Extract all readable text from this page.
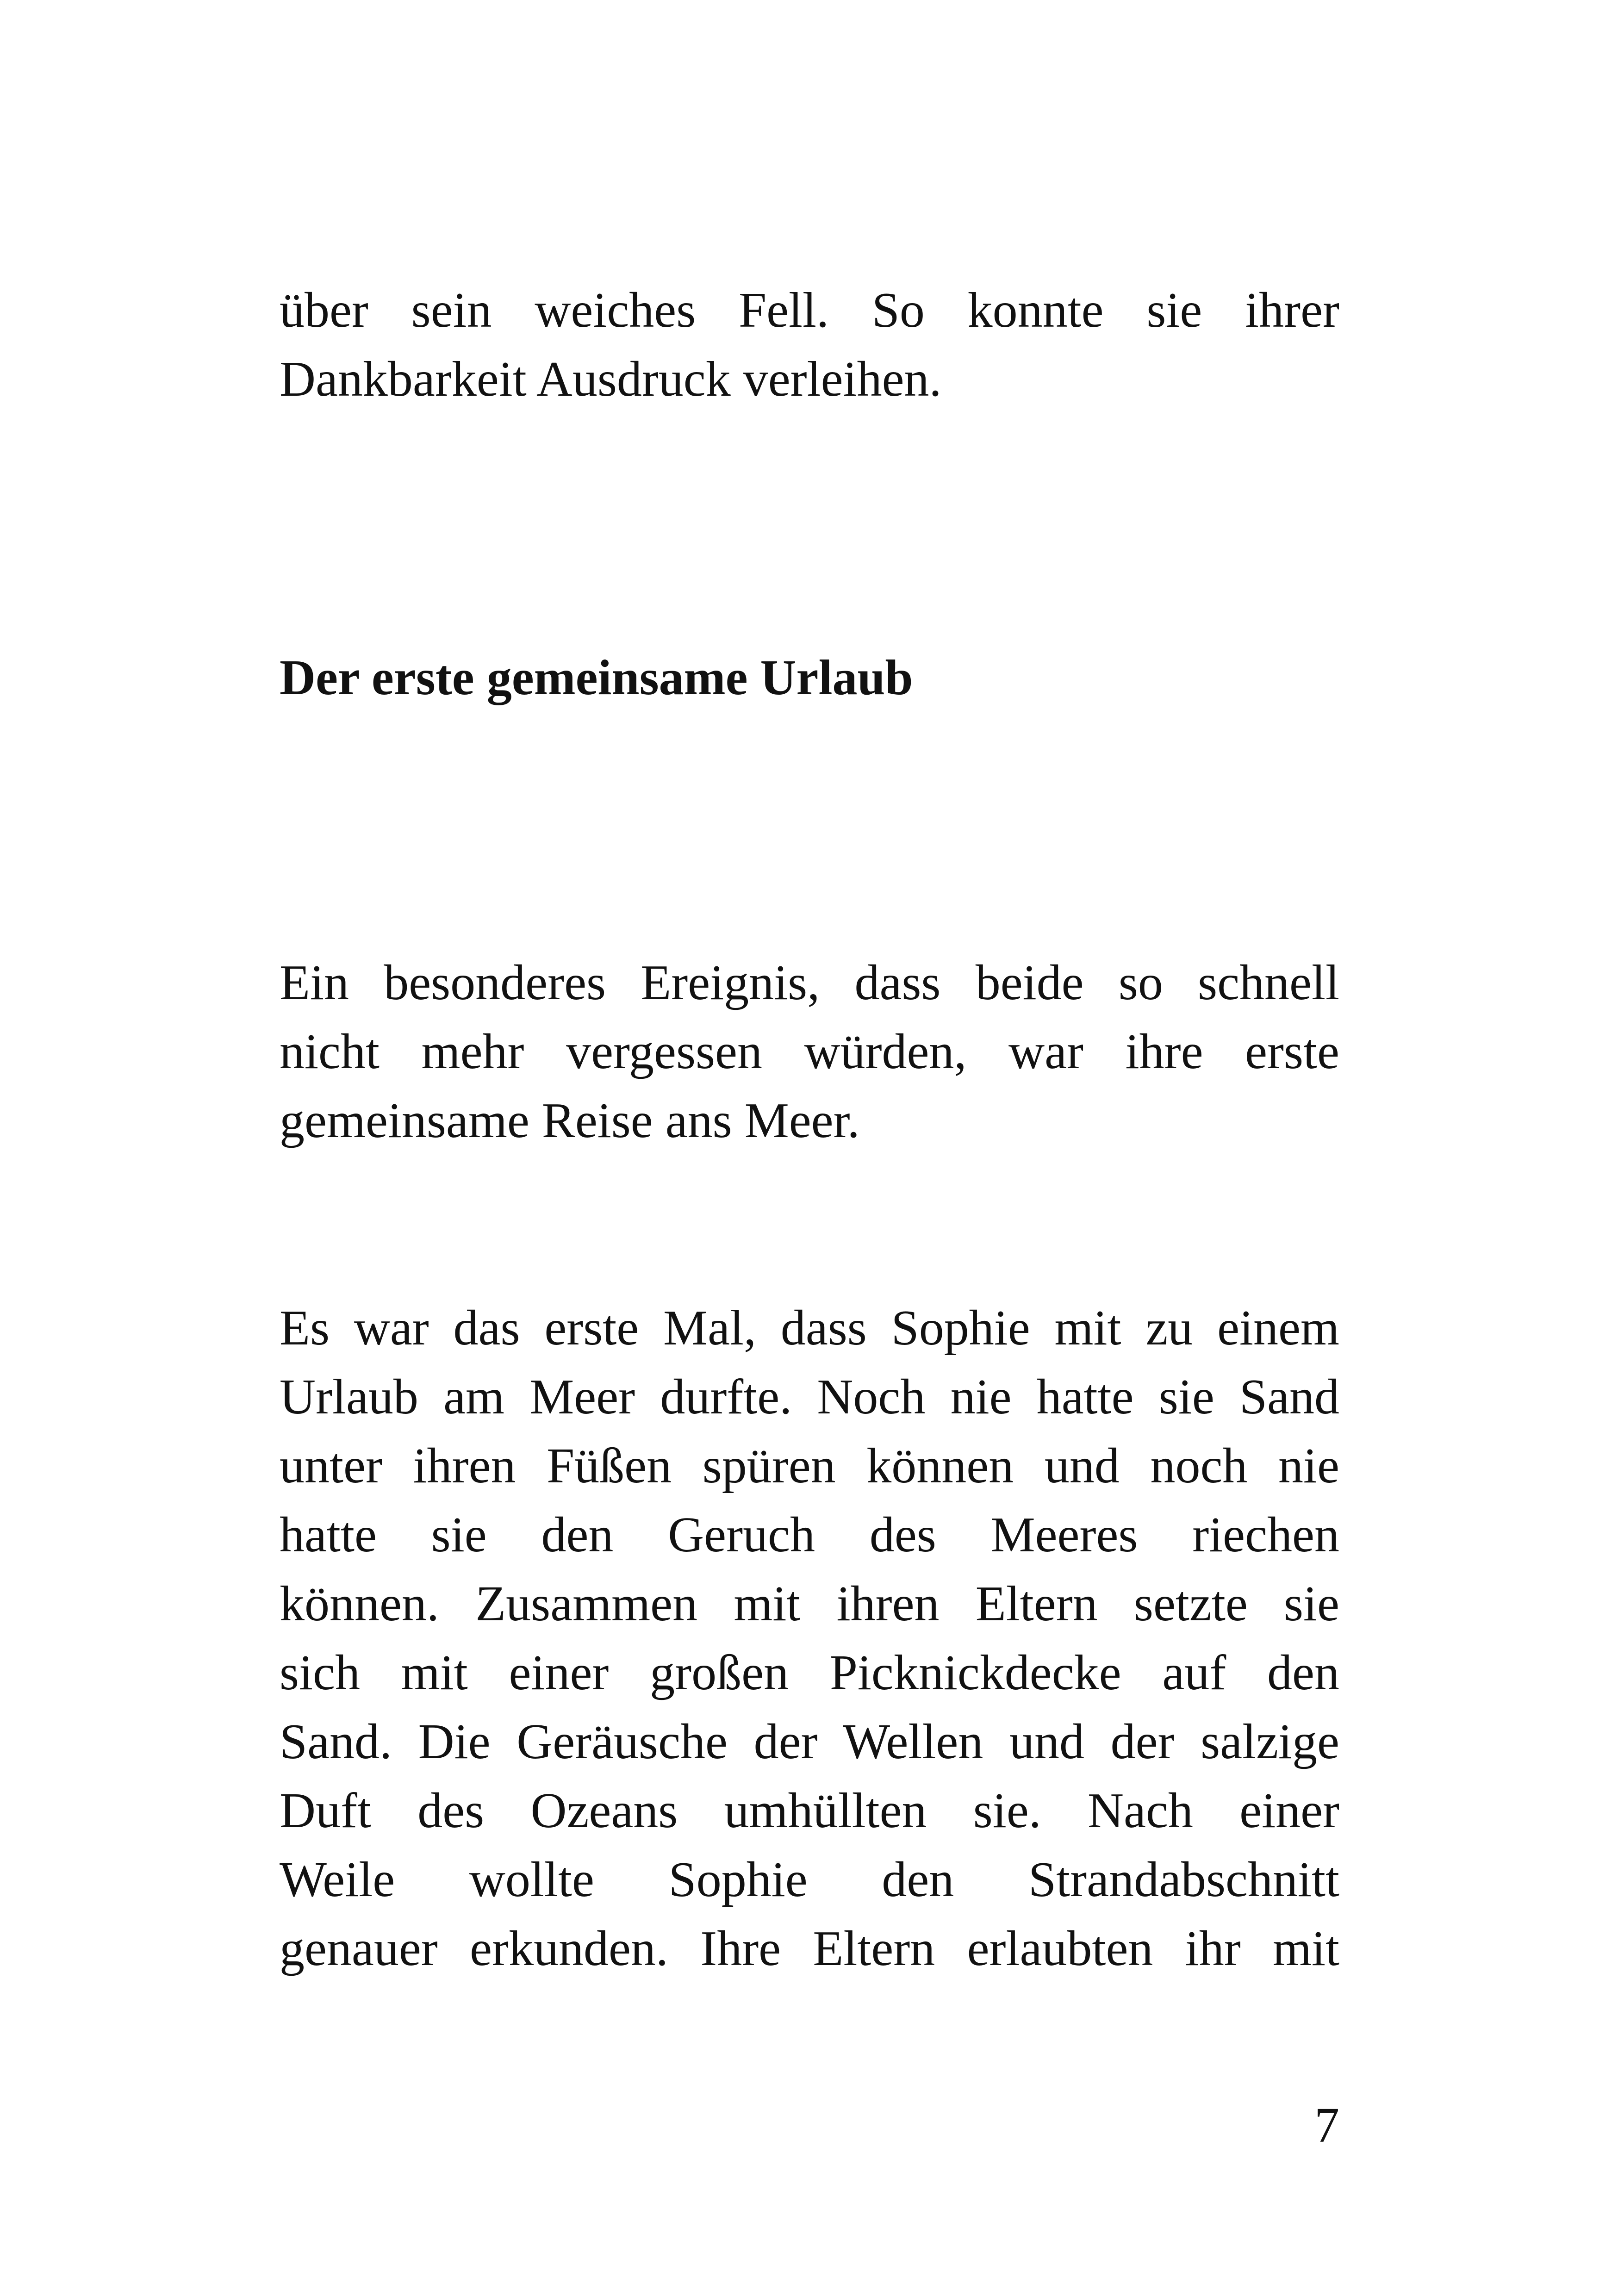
über sein weiches Fell. So konnte sie ihrer
Dankbarkeit Ausdruck verleihen.
Der erste gemeinsame Urlaub
Ein besonderes Ereignis, dass beide so schnell
nicht mehr vergessen würden, war ihre erste
gemeinsame Reise ans Meer.
Es war das erste Mal, dass Sophie mit zu einem
Urlaub am Meer durfte. Noch nie hatte sie Sand
unter ihren Füßen spüren können und noch nie
hatte sie den Geruch des Meeres riechen
können. Zusammen mit ihren Eltern setzte sie
sich mit einer großen Picknickdecke auf den
Sand. Die Geräusche der Wellen und der salzige
Duft des Ozeans umhüllten sie. Nach einer
Weile wollte Sophie den Strandabschnitt
genauer erkunden. Ihre Eltern erlaubten ihr mit
7
